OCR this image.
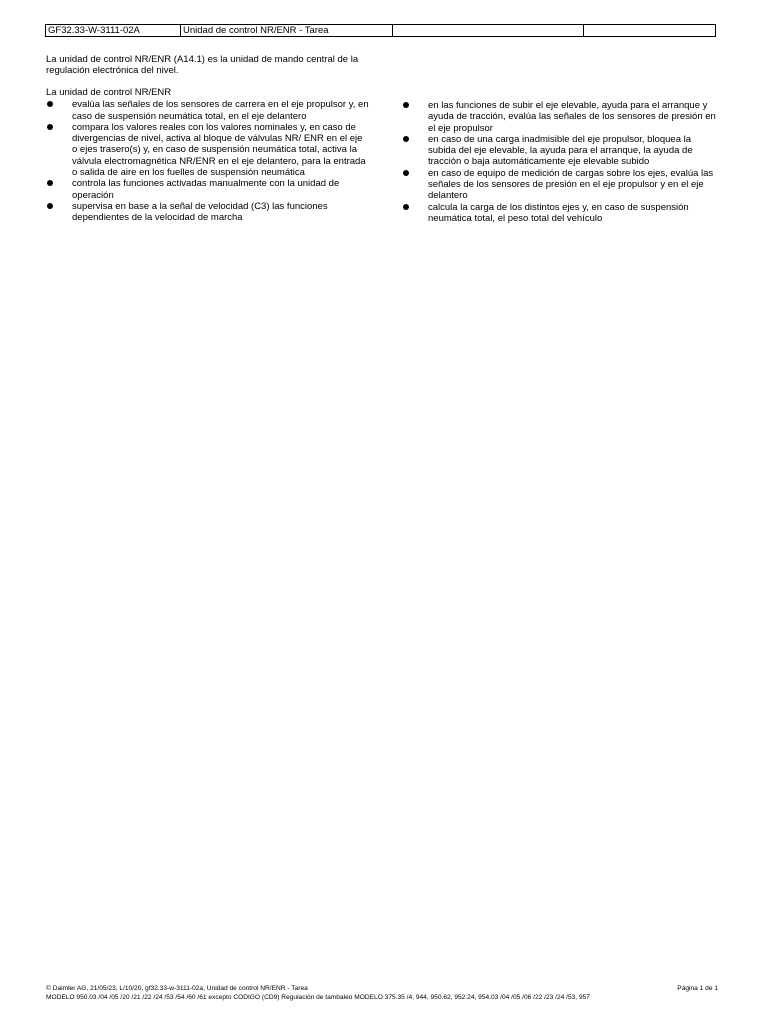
GF32.33-W-3111-02A	Unidad de control NR/ENR - Tarea		
La unidad de control NR/ENR (A14.1) es la unidad de mando central de la regulación electrónica del nivel.
La unidad de control NR/ENR
evalúa las señales de los sensores de carrera en el eje propulsor y, en caso de suspensión neumática total, en el eje delantero
compara los valores reales con los valores nominales y, en caso de divergencias de nivel, activa al bloque de válvulas NR/ ENR en el eje o ejes trasero(s) y, en caso de suspensión neumática total, activa la válvula electromagnética NR/ENR en el eje delantero, para la entrada o salida de aire en los fuelles de suspensión neumática
controla las funciones activadas manualmente con la unidad de operación
supervisa en base a la señal de velocidad (C3) las funciones dependientes de la velocidad de marcha
en las funciones de subir el eje elevable, ayuda para el arranque y ayuda de tracción, evalúa las señales de los sensores de presión en el eje propulsor
en caso de una carga inadmisible del eje propulsor, bloquea la subida del eje elevable, la ayuda para el arranque, la ayuda de tracción o baja automáticamente eje elevable subido
en caso de equipo de medición de cargas sobre los ejes, evalúa las señales de los sensores de presión en el eje propulsor y en el eje delantero
calcula la carga de los distintos ejes y, en caso de suspensión neumática total, el peso total del vehículo
© Daimler AG, 21/05/23, L/10/20, gf32.33-w-3111-02a, Unidad de control NR/ENR - Tarea	Página 1 de 1
MODELO 950.03 /04 /05 /20 /21 /22 /24 /53 /54 /60 /61 excepto CODIGO (CD9) Regulación de tambaleo MODELO 375.35 /4, 944, 950.62, 952.24, 954.03 /04 /05 /06 /22 /23 /24 /53, 957
